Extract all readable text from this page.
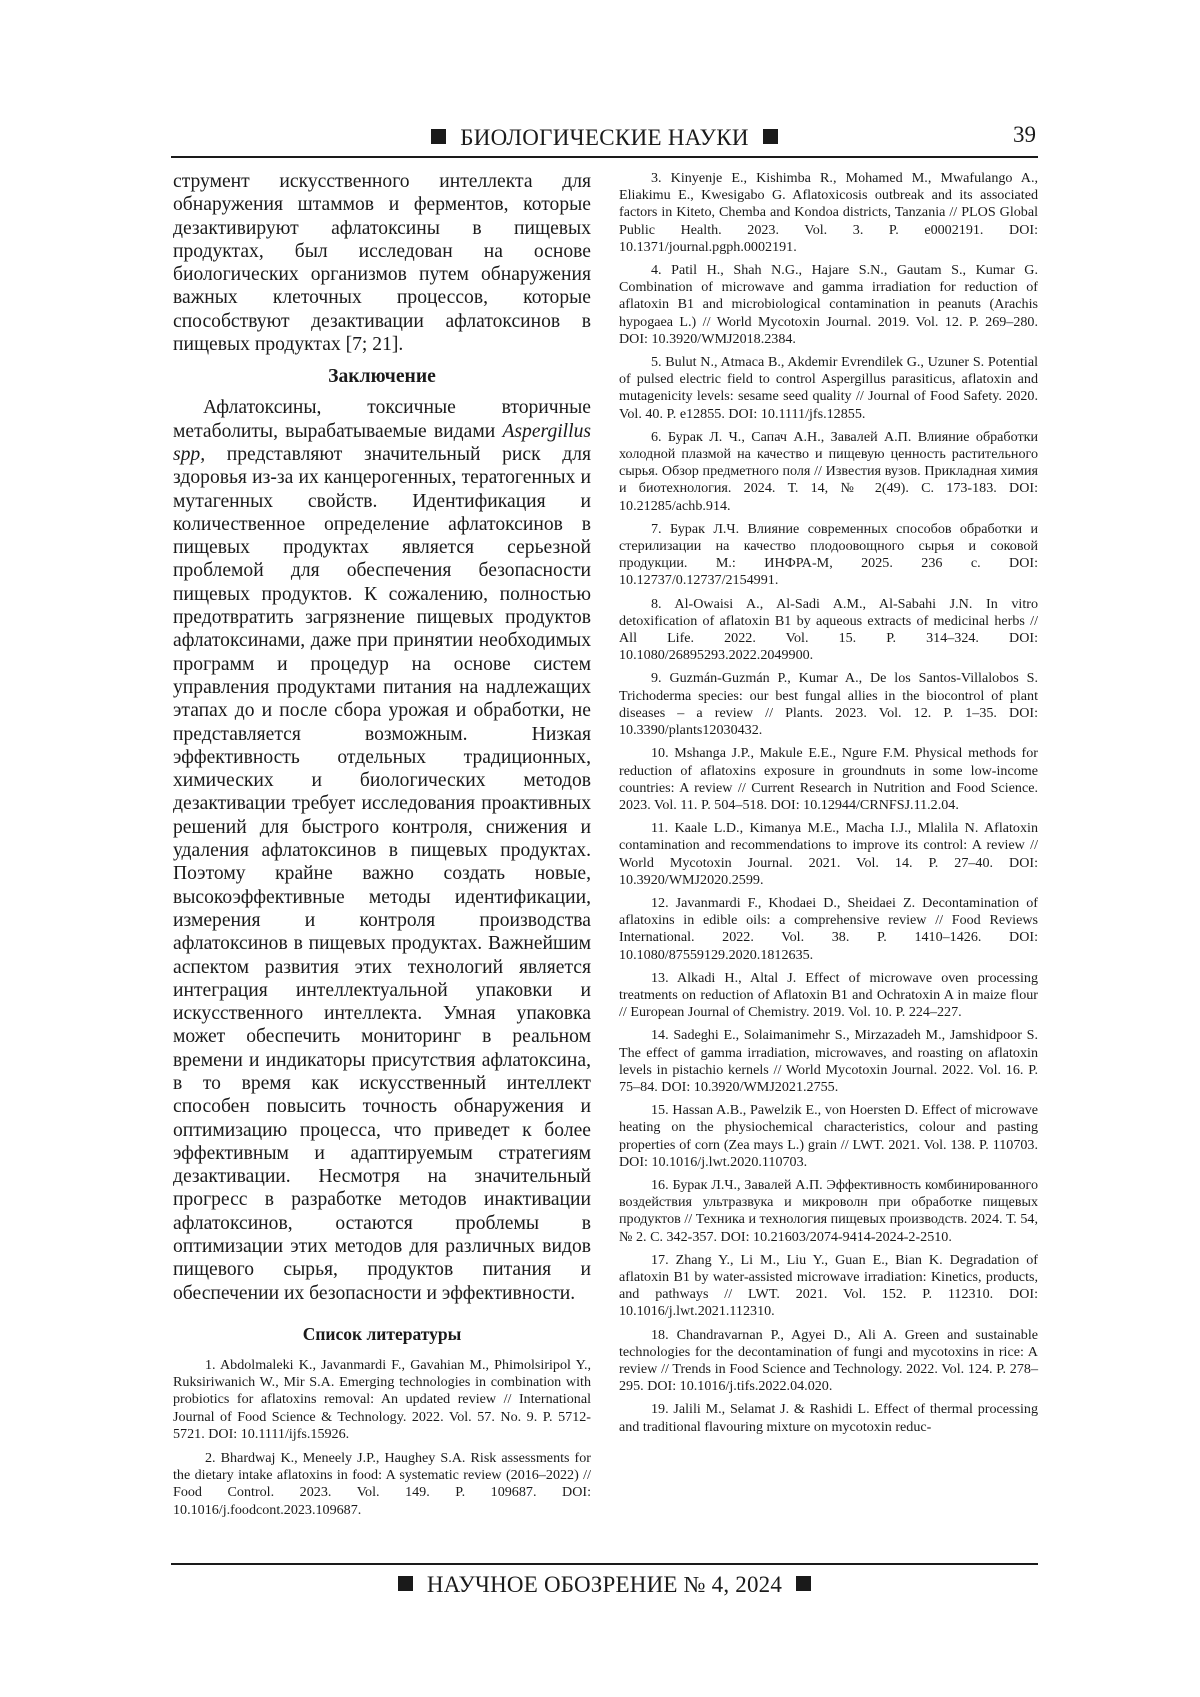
БИОЛОГИЧЕСКИЕ НАУКИ	39

струмент искусственного интеллекта для обнаружения штаммов и ферментов, которые дезактивируют афлатоксины в пищевых продуктах, был исследован на основе биологических организмов путем обнаружения важных клеточных процессов, которые способствуют дезактивации афлатоксинов в пищевых продуктах [7; 21].

Заключение

Афлатоксины, токсичные вторичные метаболиты, вырабатываемые видами Aspergillus spp, представляют значительный риск для здоровья из-за их канцерогенных, тератогенных и мутагенных свойств. Идентификация и количественное определение афлатоксинов в пищевых продуктах является серьезной проблемой для обеспечения безопасности пищевых продуктов. К сожалению, полностью предотвратить загрязнение пищевых продуктов афлатоксинами, даже при принятии необходимых программ и процедур на основе систем управления продуктами питания на надлежащих этапах до и после сбора урожая и обработки, не представляется возможным. Низкая эффективность отдельных традиционных, химических и биологических методов дезактивации требует исследования проактивных решений для быстрого контроля, снижения и удаления афлатоксинов в пищевых продуктах. Поэтому крайне важно создать новые, высокоэффективные методы идентификации, измерения и контроля производства афлатоксинов в пищевых продуктах. Важнейшим аспектом развития этих технологий является интеграция интеллектуальной упаковки и искусственного интеллекта. Умная упаковка может обеспечить мониторинг в реальном времени и индикаторы присутствия афлатоксина, в то время как искусственный интеллект способен повысить точность обнаружения и оптимизацию процесса, что приведет к более эффективным и адаптируемым стратегиям дезактивации. Несмотря на значительный прогресс в разработке методов инактивации афлатоксинов, остаются проблемы в оптимизации этих методов для различных видов пищевого сырья, продуктов питания и обеспечении их безопасности и эффективности.

Список литературы

1. Abdolmaleki K., Javanmardi F., Gavahian M., Phimolsiripol Y., Ruksiriwanich W., Mir S.A. Emerging technologies in combination with probiotics for aflatoxins removal: An updated review // International Journal of Food Science & Technology. 2022. Vol. 57. No. 9. P. 5712-5721. DOI: 10.1111/ijfs.15926.

2. Bhardwaj K., Meneely J.P., Haughey S.A. Risk assessments for the dietary intake aflatoxins in food: A systematic review (2016–2022) // Food Control. 2023. Vol. 149. P. 109687. DOI: 10.1016/j.foodcont.2023.109687.

3. Kinyenje E., Kishimba R., Mohamed M., Mwafulango A., Eliakimu E., Kwesigabo G. Aflatoxicosis outbreak and its associated factors in Kiteto, Chemba and Kondoa districts, Tanzania // PLOS Global Public Health. 2023. Vol. 3. P. e0002191. DOI: 10.1371/journal.pgph.0002191.

4. Patil H., Shah N.G., Hajare S.N., Gautam S., Kumar G. Combination of microwave and gamma irradiation for reduction of aflatoxin B1 and microbiological contamination in peanuts (Arachis hypogaea L.) // World Mycotoxin Journal. 2019. Vol. 12. P. 269–280. DOI: 10.3920/WMJ2018.2384.

5. Bulut N., Atmaca B., Akdemir Evrendilek G., Uzuner S. Potential of pulsed electric field to control Aspergillus parasiticus, aflatoxin and mutagenicity levels: sesame seed quality // Journal of Food Safety. 2020. Vol. 40. P. e12855. DOI: 10.1111/jfs.12855.

6. Бурак Л. Ч., Сапач А.Н., Завалей А.П. Влияние обработки холодной плазмой на качество и пищевую ценность растительного сырья. Обзор предметного поля // Известия вузов. Прикладная химия и биотехнология. 2024. Т. 14, № 2(49). С. 173-183. DOI: 10.21285/achb.914.

7. Бурак Л.Ч. Влияние современных способов обработки и стерилизации на качество плодоовощного сырья и соковой продукции. М.: ИНФРА-М, 2025. 236 с. DOI: 10.12737/0.12737/2154991.

8. Al-Owaisi A., Al-Sadi A.M., Al-Sabahi J.N. In vitro detoxification of aflatoxin B1 by aqueous extracts of medicinal herbs // All Life. 2022. Vol. 15. P. 314–324. DOI: 10.1080/26895293.2022.2049900.

9. Guzmán-Guzmán P., Kumar A., De los Santos-Villalobos S. Trichoderma species: our best fungal allies in the biocontrol of plant diseases – a review // Plants. 2023. Vol. 12. P. 1–35. DOI: 10.3390/plants12030432.

10. Mshanga J.P., Makule E.E., Ngure F.M. Physical methods for reduction of aflatoxins exposure in groundnuts in some low-income countries: A review // Current Research in Nutrition and Food Science. 2023. Vol. 11. P. 504–518. DOI: 10.12944/CRNFSJ.11.2.04.

11. Kaale L.D., Kimanya M.E., Macha I.J., Mlalila N. Aflatoxin contamination and recommendations to improve its control: A review // World Mycotoxin Journal. 2021. Vol. 14. P. 27–40. DOI: 10.3920/WMJ2020.2599.

12. Javanmardi F., Khodaei D., Sheidaei Z. Decontamination of aflatoxins in edible oils: a comprehensive review // Food Reviews International. 2022. Vol. 38. P. 1410–1426. DOI: 10.1080/87559129.2020.1812635.

13. Alkadi H., Altal J. Effect of microwave oven processing treatments on reduction of Aflatoxin B1 and Ochratoxin A in maize flour // European Journal of Chemistry. 2019. Vol. 10. P. 224–227.

14. Sadeghi E., Solaimanimehr S., Mirzazadeh M., Jamshidpoor S. The effect of gamma irradiation, microwaves, and roasting on aflatoxin levels in pistachio kernels // World Mycotoxin Journal. 2022. Vol. 16. P. 75–84. DOI: 10.3920/WMJ2021.2755.

15. Hassan A.B., Pawelzik E., von Hoersten D. Effect of microwave heating on the physiochemical characteristics, colour and pasting properties of corn (Zea mays L.) grain // LWT. 2021. Vol. 138. P. 110703. DOI: 10.1016/j.lwt.2020.110703.

16. Бурак Л.Ч., Завалей А.П. Эффективность комбинированного воздействия ультразвука и микроволн при обработке пищевых продуктов // Техника и технология пищевых производств. 2024. Т. 54, № 2. С. 342-357. DOI: 10.21603/2074-9414-2024-2-2510.

17. Zhang Y., Li M., Liu Y., Guan E., Bian K. Degradation of aflatoxin B1 by water-assisted microwave irradiation: Kinetics, products, and pathways // LWT. 2021. Vol. 152. P. 112310. DOI: 10.1016/j.lwt.2021.112310.

18. Chandravarnan P., Agyei D., Ali A. Green and sustainable technologies for the decontamination of fungi and mycotoxins in rice: A review // Trends in Food Science and Technology. 2022. Vol. 124. P. 278–295. DOI: 10.1016/j.tifs.2022.04.020.

19. Jalili M., Selamat J. & Rashidi L. Effect of thermal processing and traditional flavouring mixture on mycotoxin reduc-

НАУЧНОЕ ОБОЗРЕНИЕ № 4, 2024
